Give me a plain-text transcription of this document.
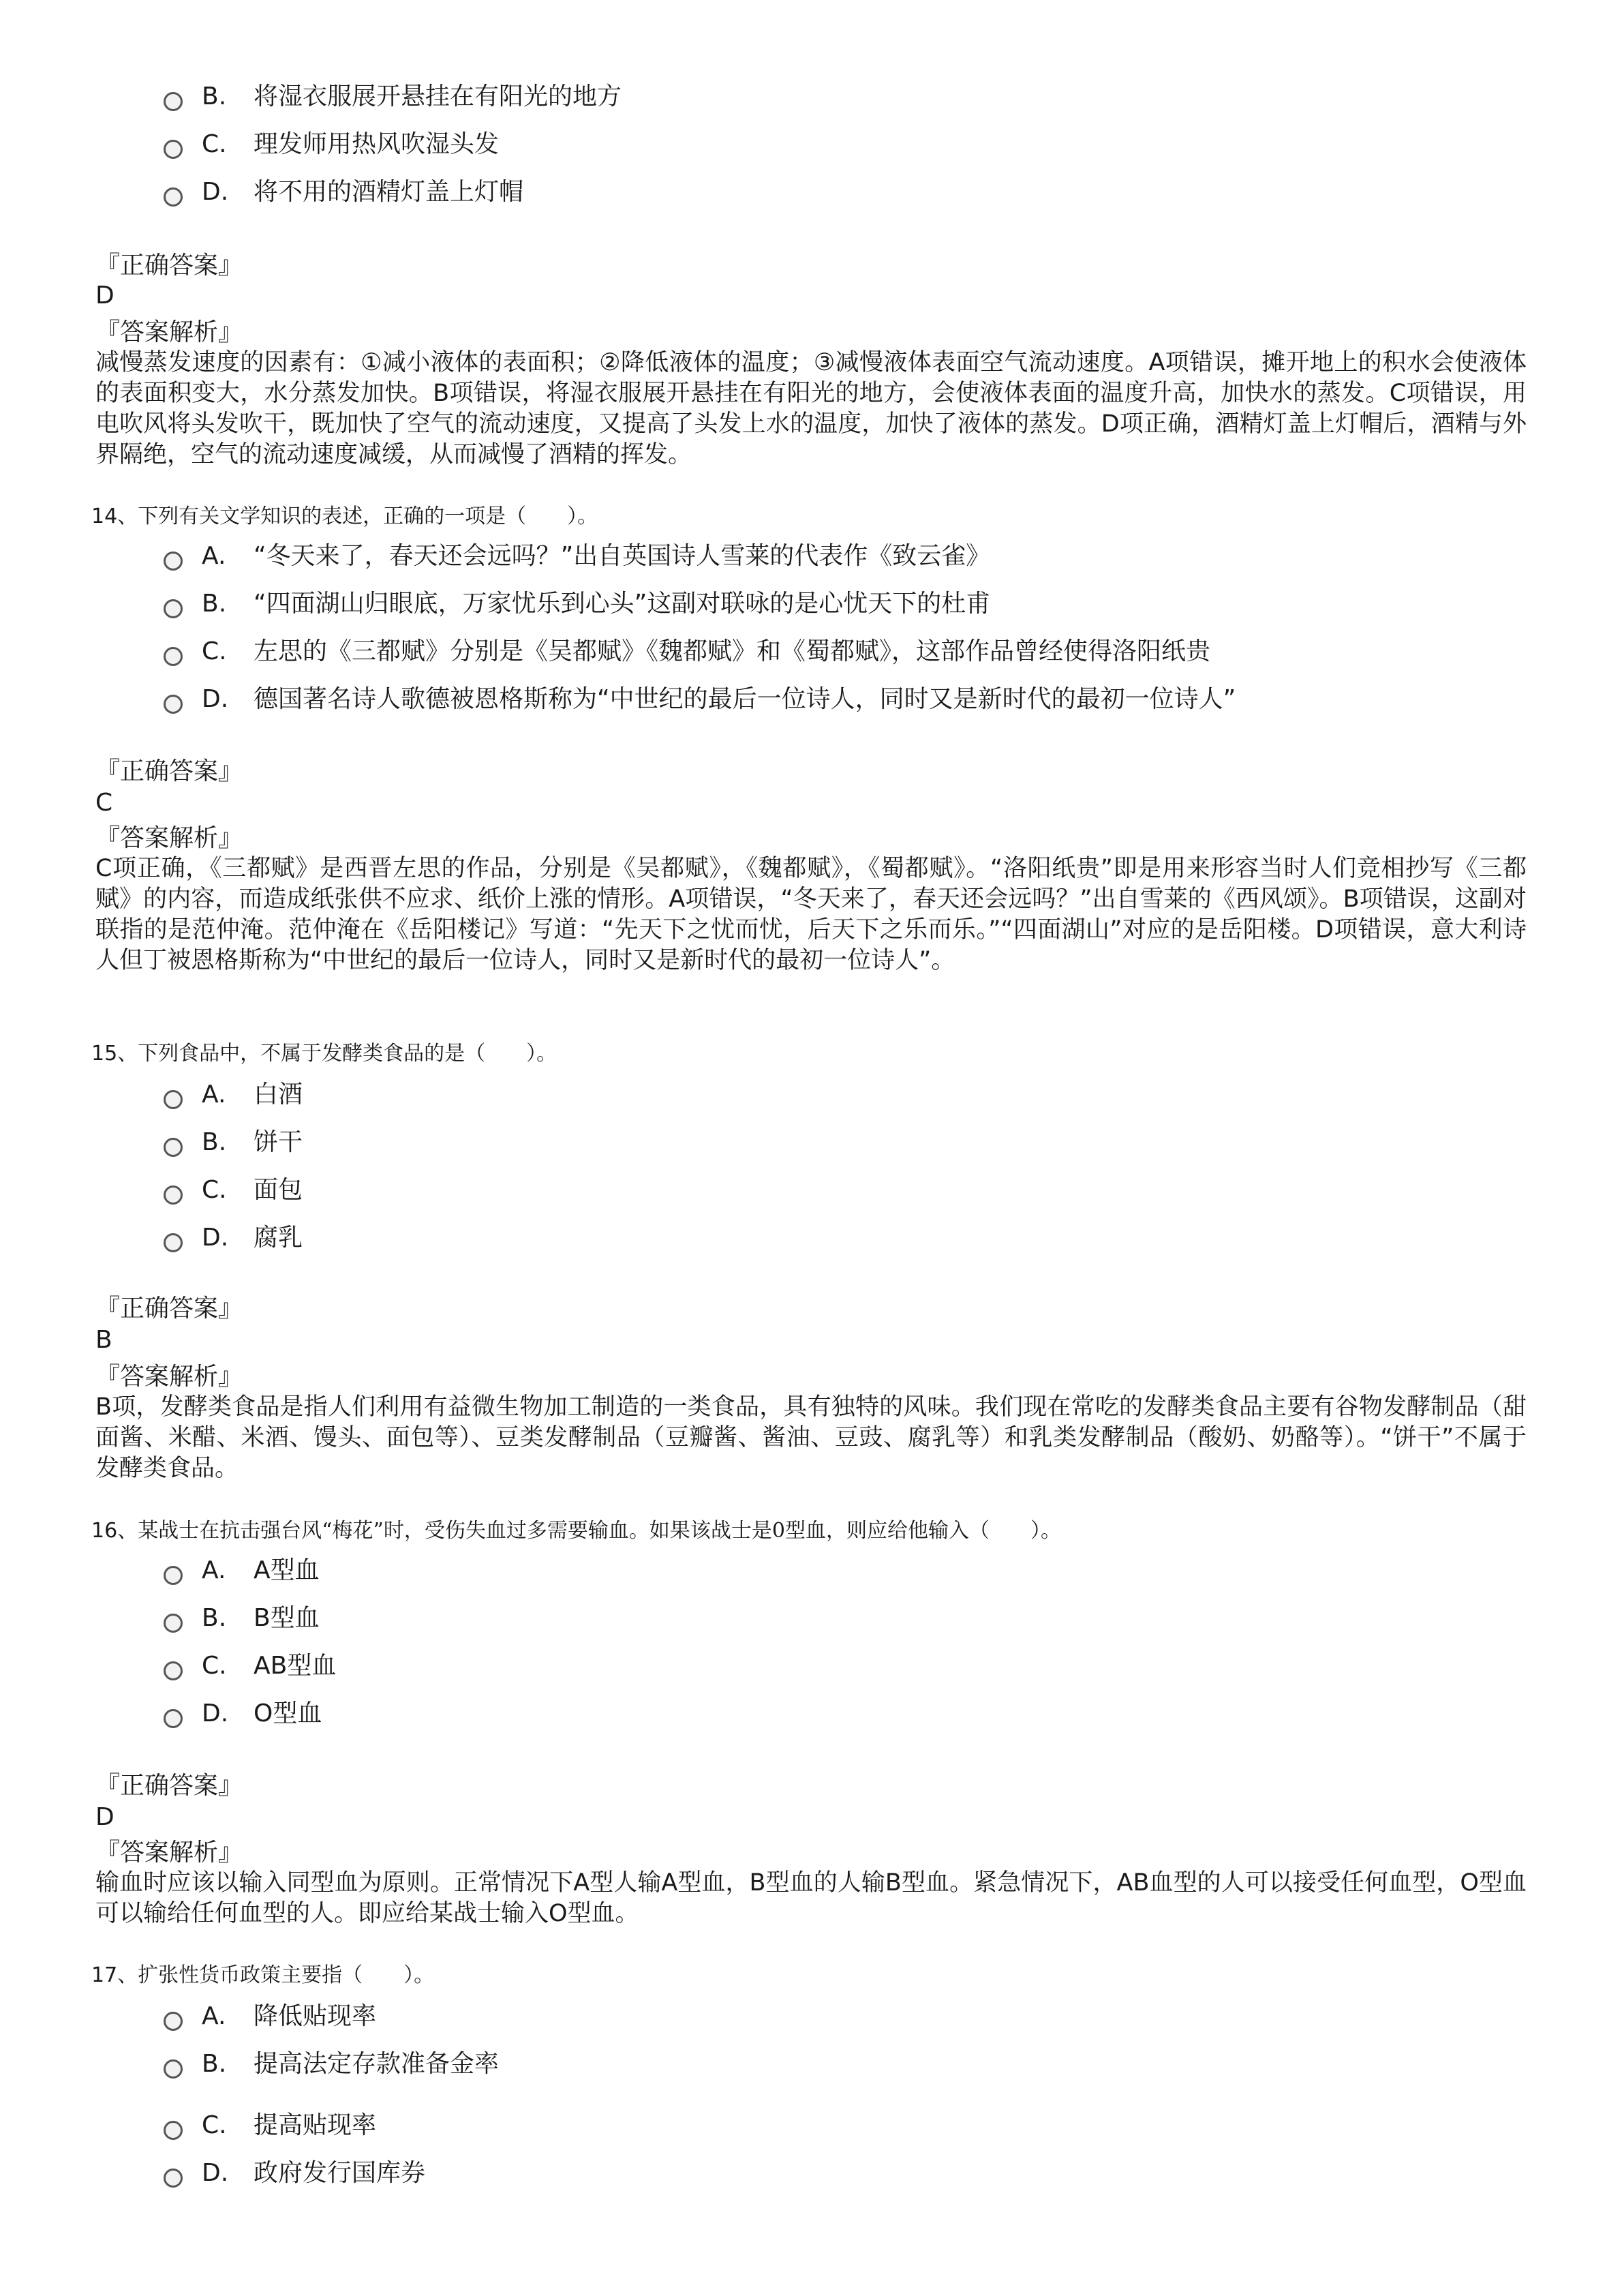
B.	将湿衣服展开悬挂在有阳光的地方
C.	理发师用热风吹湿头发
D.	将不用的酒精灯盖上灯帽
『正确答案』
D
『答案解析』
减慢蒸发速度的因素有：①减小液体的表面积；②降低液体的温度；③减慢液体表面空气流动速度。A项错误，摊开地上的积水会使液体的表面积变大，水分蒸发加快。B项错误，将湿衣服展开悬挂在有阳光的地方，会使液体表面的温度升高，加快水的蒸发。C项错误，用电吹风将头发吹干，既加快了空气的流动速度，又提高了头发上水的温度，加快了液体的蒸发。D项正确，酒精灯盖上灯帽后，酒精与外界隔绝，空气的流动速度减缓，从而减慢了酒精的挥发。
14、下列有关文学知识的表述，正确的一项是（　　）。
A.	“冬天来了，春天还会远吗？”出自英国诗人雪莱的代表作《致云雀》
B.	“四面湖山归眼底，万家忧乐到心头”这副对联咏的是心忧天下的杜甫
C.	左思的《三都赋》分别是《吴都赋》《魏都赋》和《蜀都赋》，这部作品曾经使得洛阳纸贵
D.	德国著名诗人歌德被恩格斯称为“中世纪的最后一位诗人，同时又是新时代的最初一位诗人”
『正确答案』
C
『答案解析』
C项正确，《三都赋》是西晋左思的作品，分别是《吴都赋》，《魏都赋》，《蜀都赋》。“洛阳纸贵”即是用来形容当时人们竞相抄写《三都赋》的内容，而造成纸张供不应求、纸价上涨的情形。A项错误，“冬天来了，春天还会远吗？”出自雪莱的《西风颂》。B项错误，这副对联指的是范仲淹。范仲淹在《岳阳楼记》写道：“先天下之忧而忧，后天下之乐而乐。”“四面湖山”对应的是岳阳楼。D项错误，意大利诗人但丁被恩格斯称为“中世纪的最后一位诗人，同时又是新时代的最初一位诗人”。
15、下列食品中，不属于发酵类食品的是（　　）。
A.	白酒
B.	饼干
C.	面包
D.	腐乳
『正确答案』
B
『答案解析』
B项，发酵类食品是指人们利用有益微生物加工制造的一类食品，具有独特的风味。我们现在常吃的发酵类食品主要有谷物发酵制品（甜面酱、米醋、米酒、馒头、面包等）、豆类发酵制品（豆瓣酱、酱油、豆豉、腐乳等）和乳类发酵制品（酸奶、奶酪等）。“饼干”不属于发酵类食品。
16、某战士在抗击强台风“梅花”时，受伤失血过多需要输血。如果该战士是0型血，则应给他输入（　　）。
A.	A型血
B.	B型血
C.	AB型血
D.	O型血
『正确答案』
D
『答案解析』
输血时应该以输入同型血为原则。正常情况下A型人输A型血，B型血的人输B型血。紧急情况下，AB血型的人可以接受任何血型，O型血可以输给任何血型的人。即应给某战士输入O型血。
17、扩张性货币政策主要指（　　）。
A.	降低贴现率
B.	提高法定存款准备金率
C.	提高贴现率
D.	政府发行国库券
